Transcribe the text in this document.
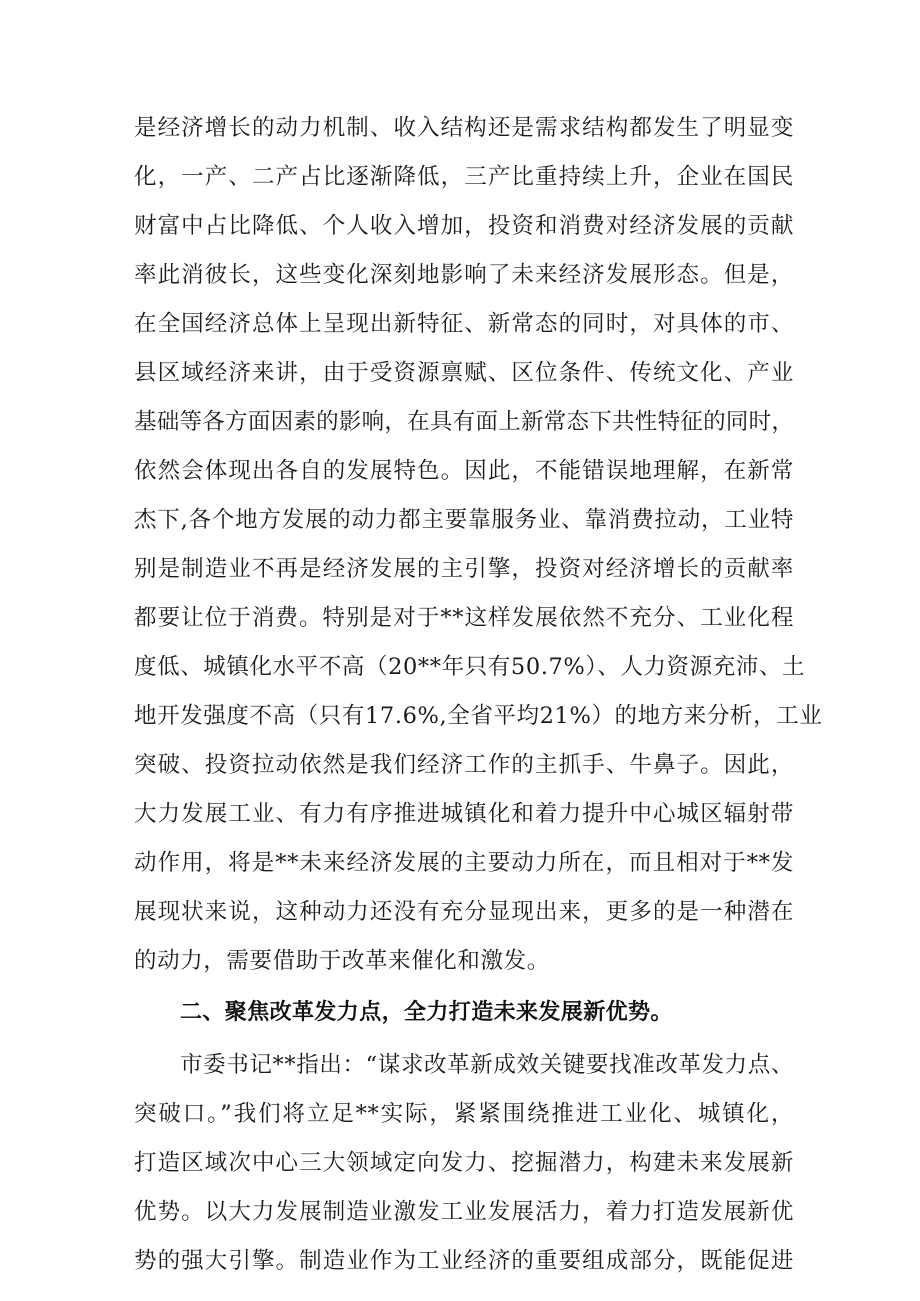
是经济增长的动力机制、收入结构还是需求结构都发生了明显变
化，一产、二产占比逐渐降低，三产比重持续上升，企业在国民
财富中占比降低、个人收入增加，投资和消费对经济发展的贡献
率此消彼长，这些变化深刻地影响了未来经济发展形态。但是，
在全国经济总体上呈现出新特征、新常态的同时，对具体的市、
县区域经济来讲，由于受资源禀赋、区位条件、传统文化、产业
基础等各方面因素的影响，在具有面上新常态下共性特征的同时，
依然会体现出各自的发展特色。因此，不能错误地理解，在新常
杰下,各个地方发展的动力都主要靠服务业、靠消费拉动，工业特
别是制造业不再是经济发展的主引擎，投资对经济增长的贡献率
都要让位于消费。特别是对于**这样发展依然不充分、工业化程
度低、城镇化水平不高（20**年只有50.7%）、人力资源充沛、土
地开发强度不高（只有17.6%,全省平均21%）的地方来分析，工业
突破、投资拉动依然是我们经济工作的主抓手、牛鼻子。因此，
大力发展工业、有力有序推进城镇化和着力提升中心城区辐射带
动作用，将是**未来经济发展的主要动力所在，而且相对于**发
展现状来说，这种动力还没有充分显现出来，更多的是一种潜在
的动力，需要借助于改革来催化和激发。
二、聚焦改革发力点，全力打造未来发展新优势。
市委书记**指出：“谋求改革新成效关键要找准改革发力点、
突破口。”我们将立足**实际，紧紧围绕推进工业化、城镇化，
打造区域次中心三大领域定向发力、挖掘潜力，构建未来发展新
优势。以大力发展制造业激发工业发展活力，着力打造发展新优
势的强大引擎。制造业作为工业经济的重要组成部分，既能促进
